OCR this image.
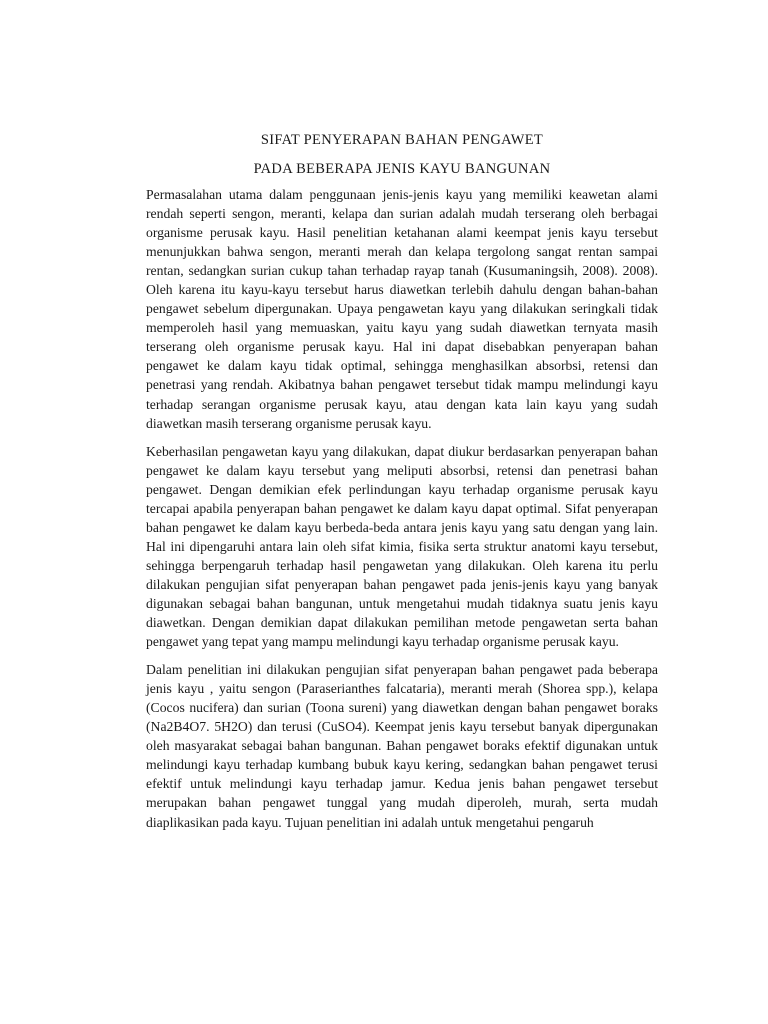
SIFAT PENYERAPAN BAHAN PENGAWET
PADA BEBERAPA JENIS KAYU BANGUNAN

Permasalahan utama dalam penggunaan jenis-jenis kayu yang memiliki keawetan alami rendah seperti sengon, meranti, kelapa dan surian adalah mudah terserang oleh berbagai organisme perusak kayu. Hasil penelitian ketahanan alami keempat jenis kayu tersebut menunjukkan bahwa sengon, meranti merah dan kelapa tergolong sangat rentan sampai rentan, sedangkan surian cukup tahan terhadap rayap tanah (Kusumaningsih, 2008). 2008). Oleh karena itu kayu-kayu tersebut harus diawetkan terlebih dahulu dengan bahan-bahan pengawet sebelum dipergunakan. Upaya pengawetan kayu yang dilakukan seringkali tidak memperoleh hasil yang memuaskan, yaitu kayu yang sudah diawetkan ternyata masih terserang oleh organisme perusak kayu. Hal ini dapat disebabkan penyerapan bahan pengawet ke dalam kayu tidak optimal, sehingga menghasilkan absorbsi, retensi dan penetrasi yang rendah. Akibatnya bahan pengawet tersebut tidak mampu melindungi kayu terhadap serangan organisme perusak kayu, atau dengan kata lain kayu yang sudah diawetkan masih terserang organisme perusak kayu.

Keberhasilan pengawetan kayu yang dilakukan, dapat diukur berdasarkan penyerapan bahan pengawet ke dalam kayu tersebut yang meliputi absorbsi, retensi dan penetrasi bahan pengawet. Dengan demikian efek perlindungan kayu terhadap organisme perusak kayu tercapai apabila penyerapan bahan pengawet ke dalam kayu dapat optimal. Sifat penyerapan bahan pengawet ke dalam kayu berbeda-beda antara jenis kayu yang satu dengan yang lain. Hal ini dipengaruhi antara lain oleh sifat kimia, fisika serta struktur anatomi kayu tersebut, sehingga berpengaruh terhadap hasil pengawetan yang dilakukan. Oleh karena itu perlu dilakukan pengujian sifat penyerapan bahan pengawet pada jenis-jenis kayu yang banyak digunakan sebagai bahan bangunan, untuk mengetahui mudah tidaknya suatu jenis kayu diawetkan. Dengan demikian dapat dilakukan pemilihan metode pengawetan serta bahan pengawet yang tepat yang mampu melindungi kayu terhadap organisme perusak kayu.

Dalam penelitian ini dilakukan pengujian sifat penyerapan bahan pengawet pada beberapa jenis kayu , yaitu sengon (Paraserianthes falcataria), meranti merah (Shorea spp.), kelapa (Cocos nucifera) dan surian (Toona sureni) yang diawetkan dengan bahan pengawet boraks (Na2B4O7. 5H2O) dan terusi (CuSO4). Keempat jenis kayu tersebut banyak dipergunakan oleh masyarakat sebagai bahan bangunan. Bahan pengawet boraks efektif digunakan untuk melindungi kayu terhadap kumbang bubuk kayu kering, sedangkan bahan pengawet terusi efektif untuk melindungi kayu terhadap jamur. Kedua jenis bahan pengawet tersebut merupakan bahan pengawet tunggal yang mudah diperoleh, murah, serta mudah diaplikasikan pada kayu. Tujuan penelitian ini adalah untuk mengetahui pengaruh
